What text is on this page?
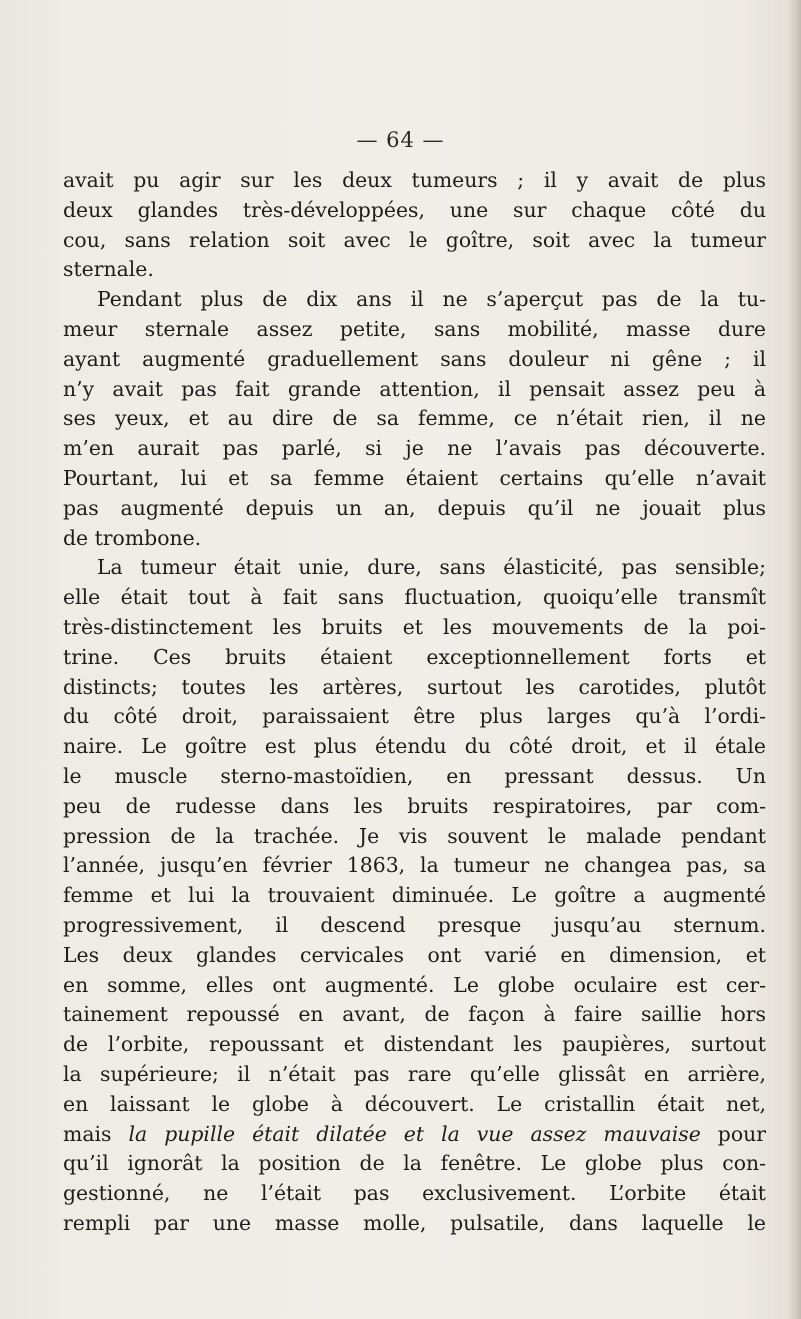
— 64 —
avait pu agir sur les deux tumeurs ; il y avait de plus
deux glandes très-développées, une sur chaque côté du
cou, sans relation soit avec le goître, soit avec la tumeur
sternale.
Pendant plus de dix ans il ne s’aperçut pas de la tu-
meur sternale assez petite, sans mobilité, masse dure
ayant augmenté graduellement sans douleur ni gêne ; il
n’y avait pas fait grande attention, il pensait assez peu à
ses yeux, et au dire de sa femme, ce n’était rien, il ne
m’en aurait pas parlé, si je ne l’avais pas découverte.
Pourtant, lui et sa femme étaient certains qu’elle n’avait
pas augmenté depuis un an, depuis qu’il ne jouait plus
de trombone.
La tumeur était unie, dure, sans élasticité, pas sensible;
elle était tout à fait sans fluctuation, quoiqu’elle transmît
très-distinctement les bruits et les mouvements de la poi-
trine. Ces bruits étaient exceptionnellement forts et
distincts; toutes les artères, surtout les carotides, plutôt
du côté droit, paraissaient être plus larges qu’à l’ordi-
naire. Le goître est plus étendu du côté droit, et il étale
le muscle sterno-mastoïdien, en pressant dessus. Un
peu de rudesse dans les bruits respiratoires, par com-
pression de la trachée. Je vis souvent le malade pendant
l’année, jusqu’en février 1863, la tumeur ne changea pas, sa
femme et lui la trouvaient diminuée. Le goître a augmenté
progressivement, il descend presque jusqu’au sternum.
Les deux glandes cervicales ont varié en dimension, et
en somme, elles ont augmenté. Le globe oculaire est cer-
tainement repoussé en avant, de façon à faire saillie hors
de l’orbite, repoussant et distendant les paupières, surtout
la supérieure; il n’était pas rare qu’elle glissât en arrière,
en laissant le globe à découvert. Le cristallin était net,
mais la pupille était dilatée et la vue assez mauvaise pour
qu’il ignorât la position de la fenêtre. Le globe plus con-
gestionné, ne l’était pas exclusivement. L’orbite était
rempli par une masse molle, pulsatile, dans laquelle le
